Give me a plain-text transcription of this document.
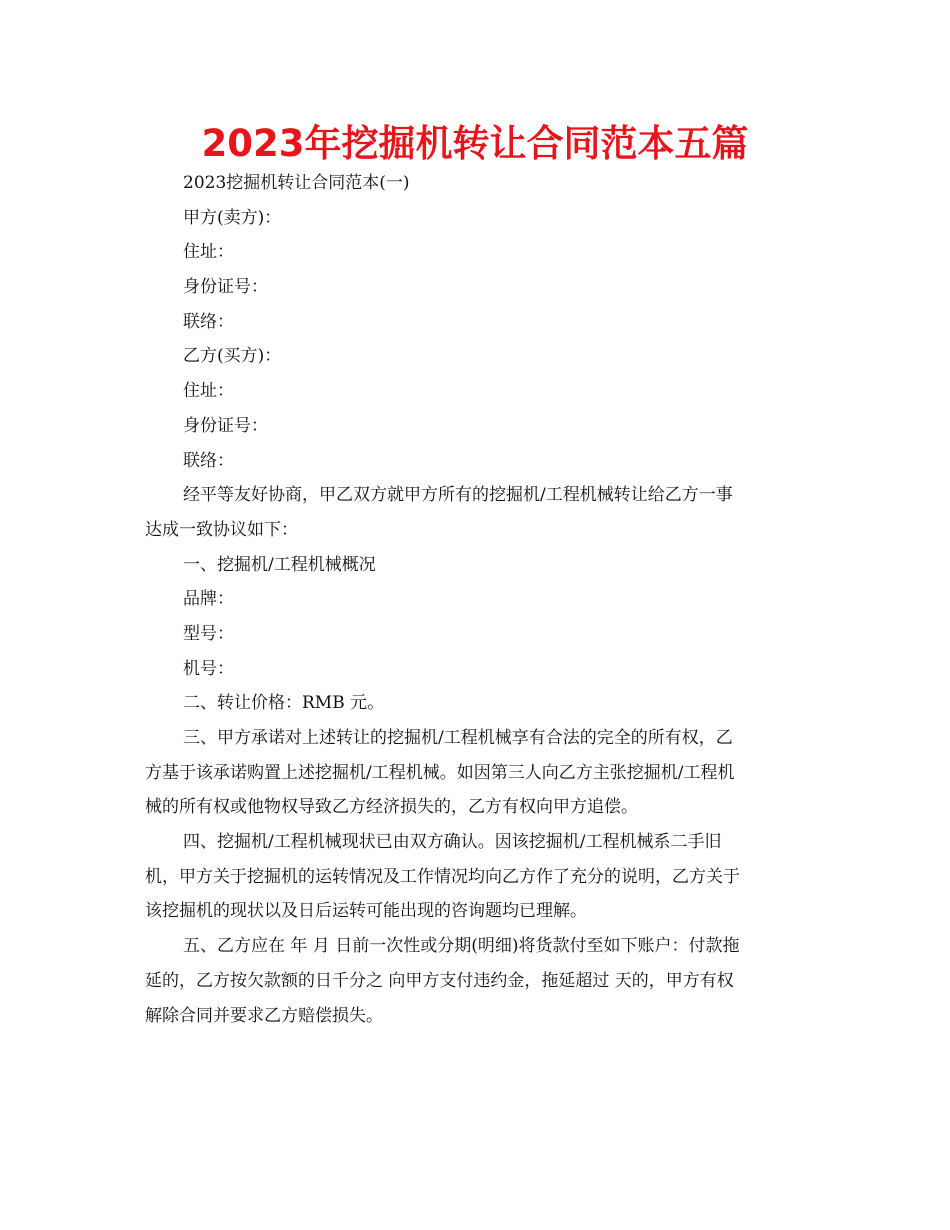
2023年挖掘机转让合同范本五篇
2023挖掘机转让合同范本(一)
甲方(卖方)：
住址：
身份证号：
联络：
乙方(买方)：
住址：
身份证号：
联络：
经平等友好协商，甲乙双方就甲方所有的挖掘机/工程机械转让给乙方一事
达成一致协议如下：
一、挖掘机/工程机械概况
品牌：
型号：
机号：
二、转让价格：RMB 元。
三、甲方承诺对上述转让的挖掘机/工程机械享有合法的完全的所有权，乙
方基于该承诺购置上述挖掘机/工程机械。如因第三人向乙方主张挖掘机/工程机
械的所有权或他物权导致乙方经济损失的，乙方有权向甲方追偿。
四、挖掘机/工程机械现状已由双方确认。因该挖掘机/工程机械系二手旧
机，甲方关于挖掘机的运转情况及工作情况均向乙方作了充分的说明，乙方关于
该挖掘机的现状以及日后运转可能出现的咨询题均已理解。
五、乙方应在 年 月 日前一次性或分期(明细)将货款付至如下账户：付款拖
延的，乙方按欠款额的日千分之 向甲方支付违约金，拖延超过 天的，甲方有权
解除合同并要求乙方赔偿损失。
